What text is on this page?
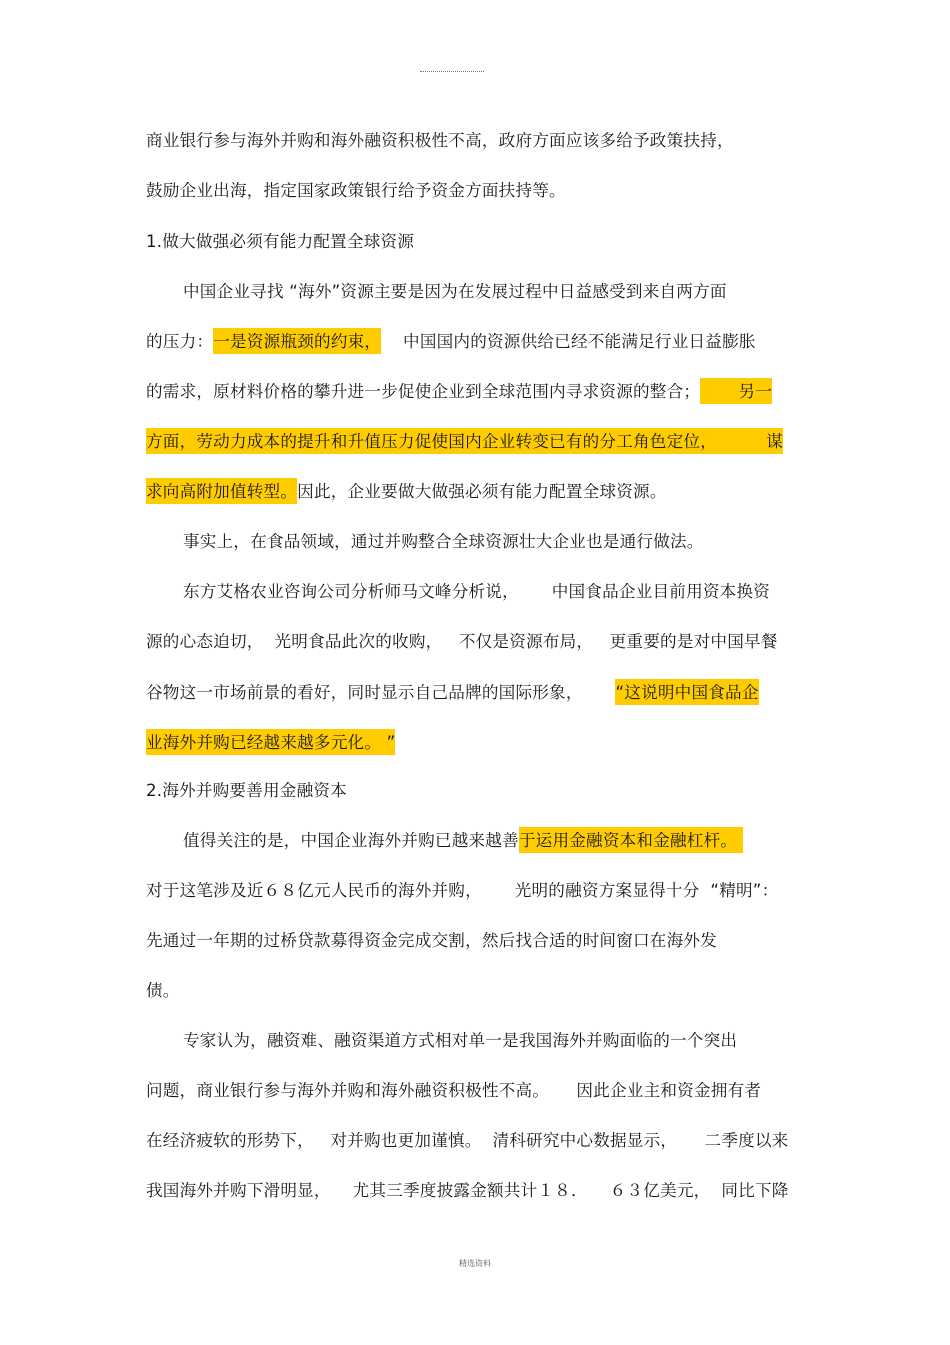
商业银行参与海外并购和海外融资积极性不高，政府方面应该多给予政策扶持，
鼓励企业出海，指定国家政策银行给予资金方面扶持等。
1.做大做强必须有能力配置全球资源
中国企业寻找 “海外”资源主要是因为在发展过程中日益感受到来自两方面
的压力：一是资源瓶颈的约束，    中国国内的资源供给已经不能满足行业日益膨胀
的需求，原材料价格的攀升进一步促使企业到全球范围内寻求资源的整合；       另一
方面，劳动力成本的提升和升值压力促使国内企业转变已有的分工角色定位，         谋
求向高附加值转型。因此，企业要做大做强必须有能力配置全球资源。
事实上，在食品领域，通过并购整合全球资源壮大企业也是通行做法。
东方艾格农业咨询公司分析师马文峰分析说，      中国食品企业目前用资本换资
源的心态迫切，  光明食品此次的收购，   不仅是资源布局，   更重要的是对中国早餐
谷物这一市场前景的看好，同时显示自己品牌的国际形象，      “这说明中国食品企
业海外并购已经越来越多元化。 ”
2.海外并购要善用金融资本
值得关注的是，中国企业海外并购已越来越善于运用金融资本和金融杠杆。
对于这笔涉及近６８亿元人民币的海外并购，      光明的融资方案显得十分  “精明”：
先通过一年期的过桥贷款募得资金完成交割，然后找合适的时间窗口在海外发
债。
专家认为，融资难、融资渠道方式相对单一是我国海外并购面临的一个突出
问题，商业银行参与海外并购和海外融资积极性不高。     因此企业主和资金拥有者
在经济疲软的形势下，   对并购也更加谨慎。  清科研究中心数据显示，     二季度以来
我国海外并购下滑明显，    尤其三季度披露金额共计１８．    ６３亿美元，  同比下降
精选资料
